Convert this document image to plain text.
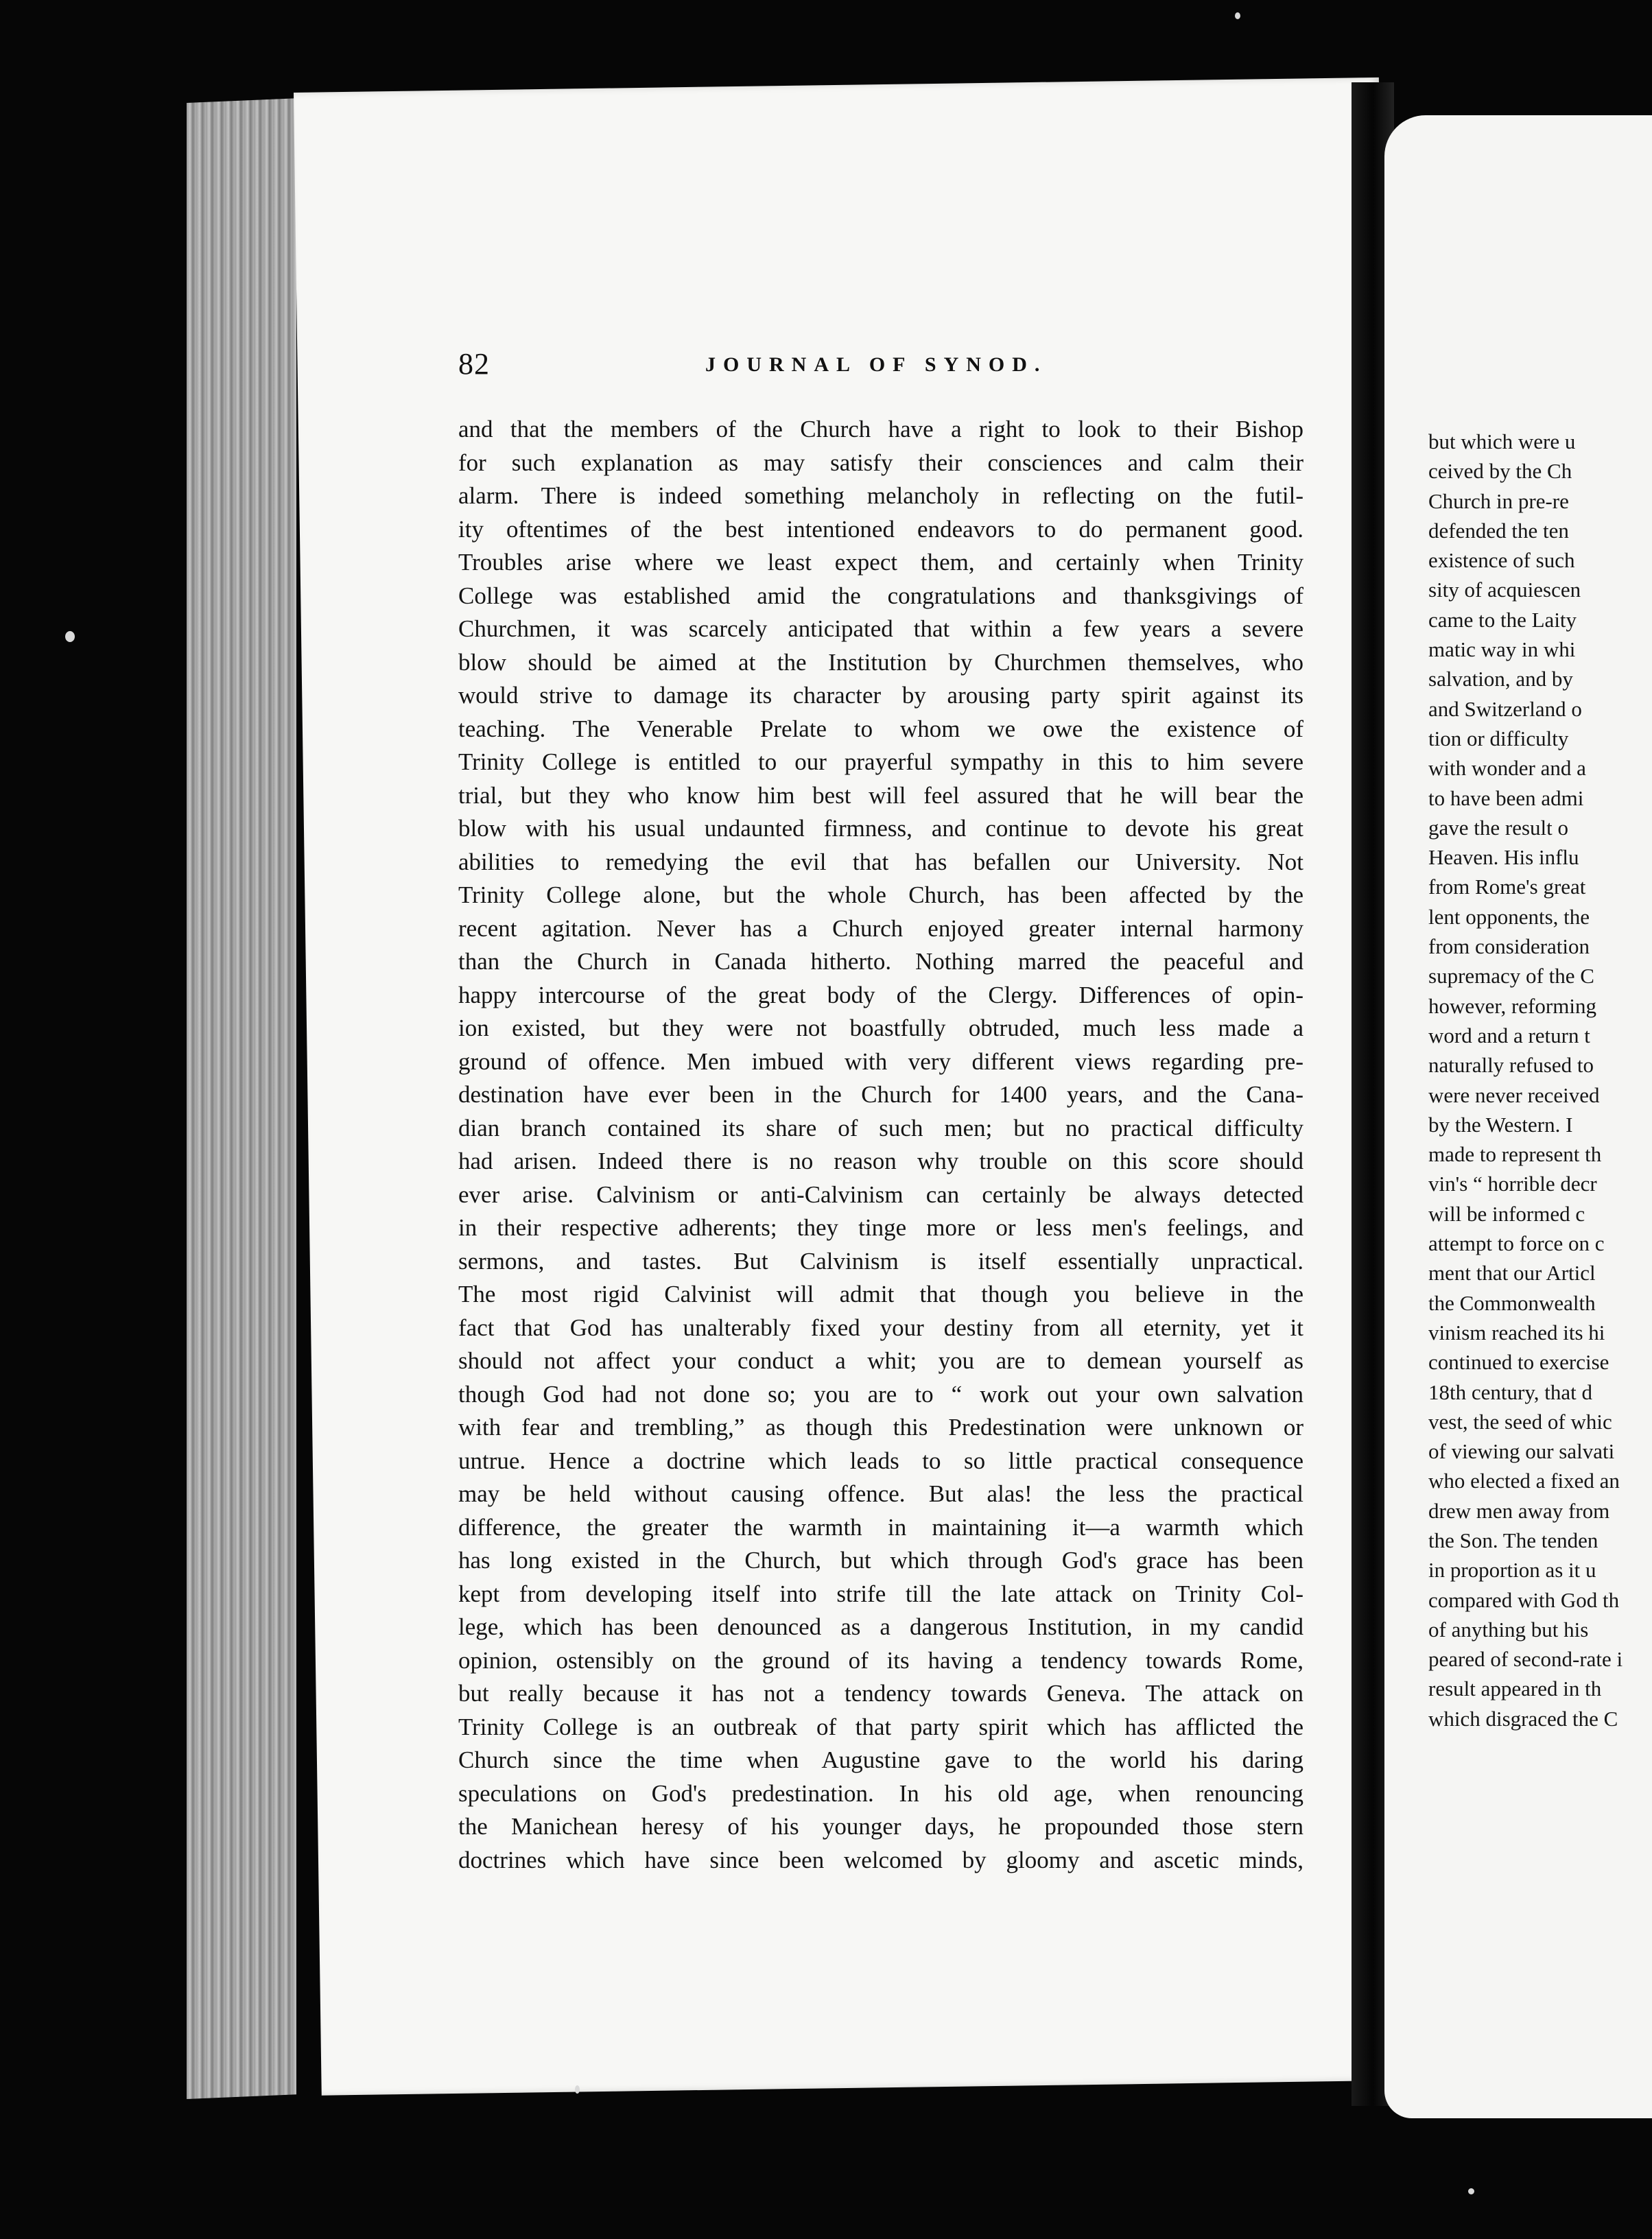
82	JOURNAL OF SYNOD.
and that the members of the Church have a right to look to their Bishop
for such explanation as may satisfy their consciences and calm their
alarm. There is indeed something melancholy in reflecting on the futil-
ity oftentimes of the best intentioned endeavors to do permanent good.
Troubles arise where we least expect them, and certainly when Trinity
College was established amid the congratulations and thanksgivings of
Churchmen, it was scarcely anticipated that within a few years a severe
blow should be aimed at the Institution by Churchmen themselves, who
would strive to damage its character by arousing party spirit against its
teaching. The Venerable Prelate to whom we owe the existence of
Trinity College is entitled to our prayerful sympathy in this to him severe
trial, but they who know him best will feel assured that he will bear the
blow with his usual undaunted firmness, and continue to devote his great
abilities to remedying the evil that has befallen our University. Not
Trinity College alone, but the whole Church, has been affected by the
recent agitation. Never has a Church enjoyed greater internal harmony
than the Church in Canada hitherto. Nothing marred the peaceful and
happy intercourse of the great body of the Clergy. Differences of opin-
ion existed, but they were not boastfully obtruded, much less made a
ground of offence. Men imbued with very different views regarding pre-
destination have ever been in the Church for 1400 years, and the Cana-
dian branch contained its share of such men; but no practical difficulty
had arisen. Indeed there is no reason why trouble on this score should
ever arise. Calvinism or anti-Calvinism can certainly be always detected
in their respective adherents; they tinge more or less men's feelings, and
sermons, and tastes. But Calvinism is itself essentially unpractical.
The most rigid Calvinist will admit that though you believe in the
fact that God has unalterably fixed your destiny from all eternity, yet it
should not affect your conduct a whit; you are to demean yourself as
though God had not done so; you are to “ work out your own salvation
with fear and trembling,” as though this Predestination were unknown or
untrue. Hence a doctrine which leads to so little practical consequence
may be held without causing offence. But alas! the less the practical
difference, the greater the warmth in maintaining it—a warmth which
has long existed in the Church, but which through God's grace has been
kept from developing itself into strife till the late attack on Trinity Col-
lege, which has been denounced as a dangerous Institution, in my candid
opinion, ostensibly on the ground of its having a tendency towards Rome,
but really because it has not a tendency towards Geneva. The attack on
Trinity College is an outbreak of that party spirit which has afflicted the
Church since the time when Augustine gave to the world his daring
speculations on God's predestination. In his old age, when renouncing
the Manichean heresy of his younger days, he propounded those stern
doctrines which have since been welcomed by gloomy and ascetic minds,
but which were u
ceived by the Ch
Church in pre-re
defended the ten
existence of such
sity of acquiescen
came to the Laity
matic way in whi
salvation, and by
and Switzerland o
tion or difficulty
with wonder and a
to have been admi
gave the result o
Heaven. His influ
from Rome's great
lent opponents, the
from consideration
supremacy of the C
however, reforming
word and a return t
naturally refused to
were never received
by the Western. I
made to represent th
vin's “ horrible decr
will be informed c
attempt to force on c
ment that our Articl
the Commonwealth
vinism reached its hi
continued to exercise
18th century, that d
vest, the seed of whic
of viewing our salvati
who elected a fixed an
drew men away from
the Son. The tenden
in proportion as it u
compared with God th
of anything but his
peared of second-rate i
result appeared in th
which disgraced the C
